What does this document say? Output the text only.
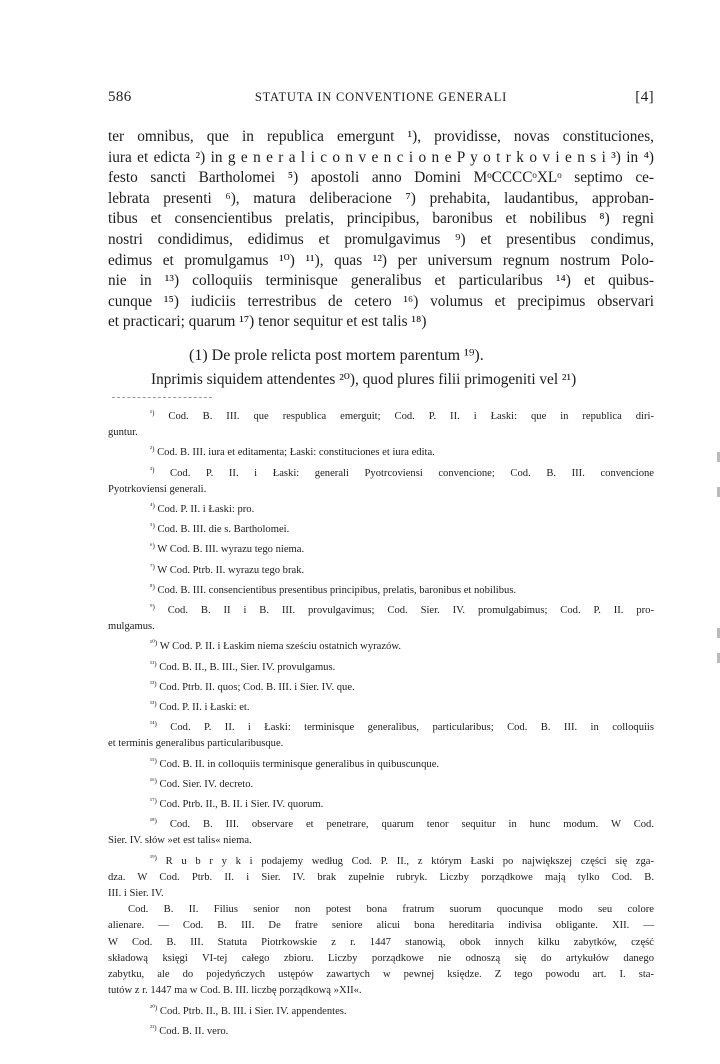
586	STATUTA IN CONVENTIONE GENERALI	[4]
ter omnibus, que in republica emergunt ¹), providisse, novas constituciones,
iura et edicta ²) in g e n e r a l i c o n v e n c i o n e P y o t r k o v i e n s i ³) in ⁴)
festo sancti Bartholomei ⁵) apostoli anno Domini MᵒCCCCᵒXLᵒ septimo ce-
lebrata presenti ⁶), matura deliberacione ⁷) prehabita, laudantibus, approban-
tibus et consencientibus prelatis, principibus, baronibus et nobilibus ⁸) regni
nostri condidimus, edidimus et promulgavimus ⁹) et presentibus condimus,
edimus et promulgamus ¹⁰) ¹¹), quas ¹²) per universum regnum nostrum Polo-
nie in ¹³) colloquiis terminisque generalibus et particularibus ¹⁴) et quibus-
cunque ¹⁵) iudiciis terrestribus de cetero ¹⁶) volumus et precipimus observari
et practicari; quarum ¹⁷) tenor sequitur et est talis ¹⁸)
(1) De prole relicta post mortem parentum ¹⁹).
Inprimis siquidem attendentes ²⁰), quod plures filii primogeniti vel ²¹)
$^{^1)}$ Cod. B. III. que respublica emerguit; Cod. P. II. i Łaski: que in republica diri-
guntur.
$^{^2)}$ Cod. B. III. iura et editamenta; Łaski: constituciones et iura edita.
$^{^3)}$ Cod. P. II. i Łaski: generali Pyotrcoviensi convencione; Cod. B. III. convencione
Pyotrkoviensi generali.
$^{^4)}$ Cod. P. II. i Łaski: pro.
$^{^5)}$ Cod. B. III. die s. Bartholomei.
$^{^6)}$ W Cod. B. III. wyrazu tego niema.
$^{^7)}$ W Cod. Ptrb. II. wyrazu tego brak.
$^{^8)}$ Cod. B. III. consencientibus presentibus principibus, prelatis, baronibus et nobilibus.
$^{^9)}$ Cod. B. II i B. III. provulgavimus; Cod. Sier. IV. promulgabimus; Cod. P. II. pro-
mulgamus.
$^{^{10})}$ W Cod. P. II. i Łaskim niema sześciu ostatnich wyrazów.
$^{^{11})}$ Cod. B. II., B. III., Sier. IV. provulgamus.
$^{^{12})}$ Cod. Ptrb. II. quos; Cod. B. III. i Sier. IV. que.
$^{^{13})}$ Cod. P. II. i Łaski: et.
$^{^{14})}$ Cod. P. II. i Łaski: terminisque generalibus, particularibus; Cod. B. III. in colloquiis
et terminis generalibus particularibusque.
$^{^{15})}$ Cod. B. II. in colloquiis terminisque generalibus in quibuscunque.
$^{^{16})}$ Cod. Sier. IV. decreto.
$^{^{17})}$ Cod. Ptrb. II., B. II. i Sier. IV. quorum.
$^{^{18})}$ Cod. B. III. observare et penetrare, quarum tenor sequitur in hunc modum. W Cod.
Sier. IV. słów »et est talis« niema.
$^{^{19})}$ R u b r y k i podajemy według Cod. P. II., z którym Łaski po największej części się zga-
dza. W Cod. Ptrb. II. i Sier. IV. brak zupełnie rubryk. Liczby porządkowe mają tylko Cod. B.
III. i Sier. IV.
Cod. B. II. Filius senior non potest bona fratrum suorum quocunque modo seu colore
alienare. — Cod. B. III. De fratre seniore alicui bona hereditaria indivisa obligante. XII. —
W Cod. B. III. Statuta Piotrkowskie z r. 1447 stanowią, obok innych kilku zabytków, część
składową księgi VI-tej całego zbioru. Liczby porządkowe nie odnoszą się do artykułów danego
zabytku, ale do pojedyńczych ustępów zawartych w pewnej księdze. Z tego powodu art. I. sta-
tutów z r. 1447 ma w Cod. B. III. liczbę porządkową »XII«.
$^{^{20})}$ Cod. Ptrb. II., B. III. i Sier. IV. appendentes.
$^{^{21})}$ Cod. B. II. vero.
